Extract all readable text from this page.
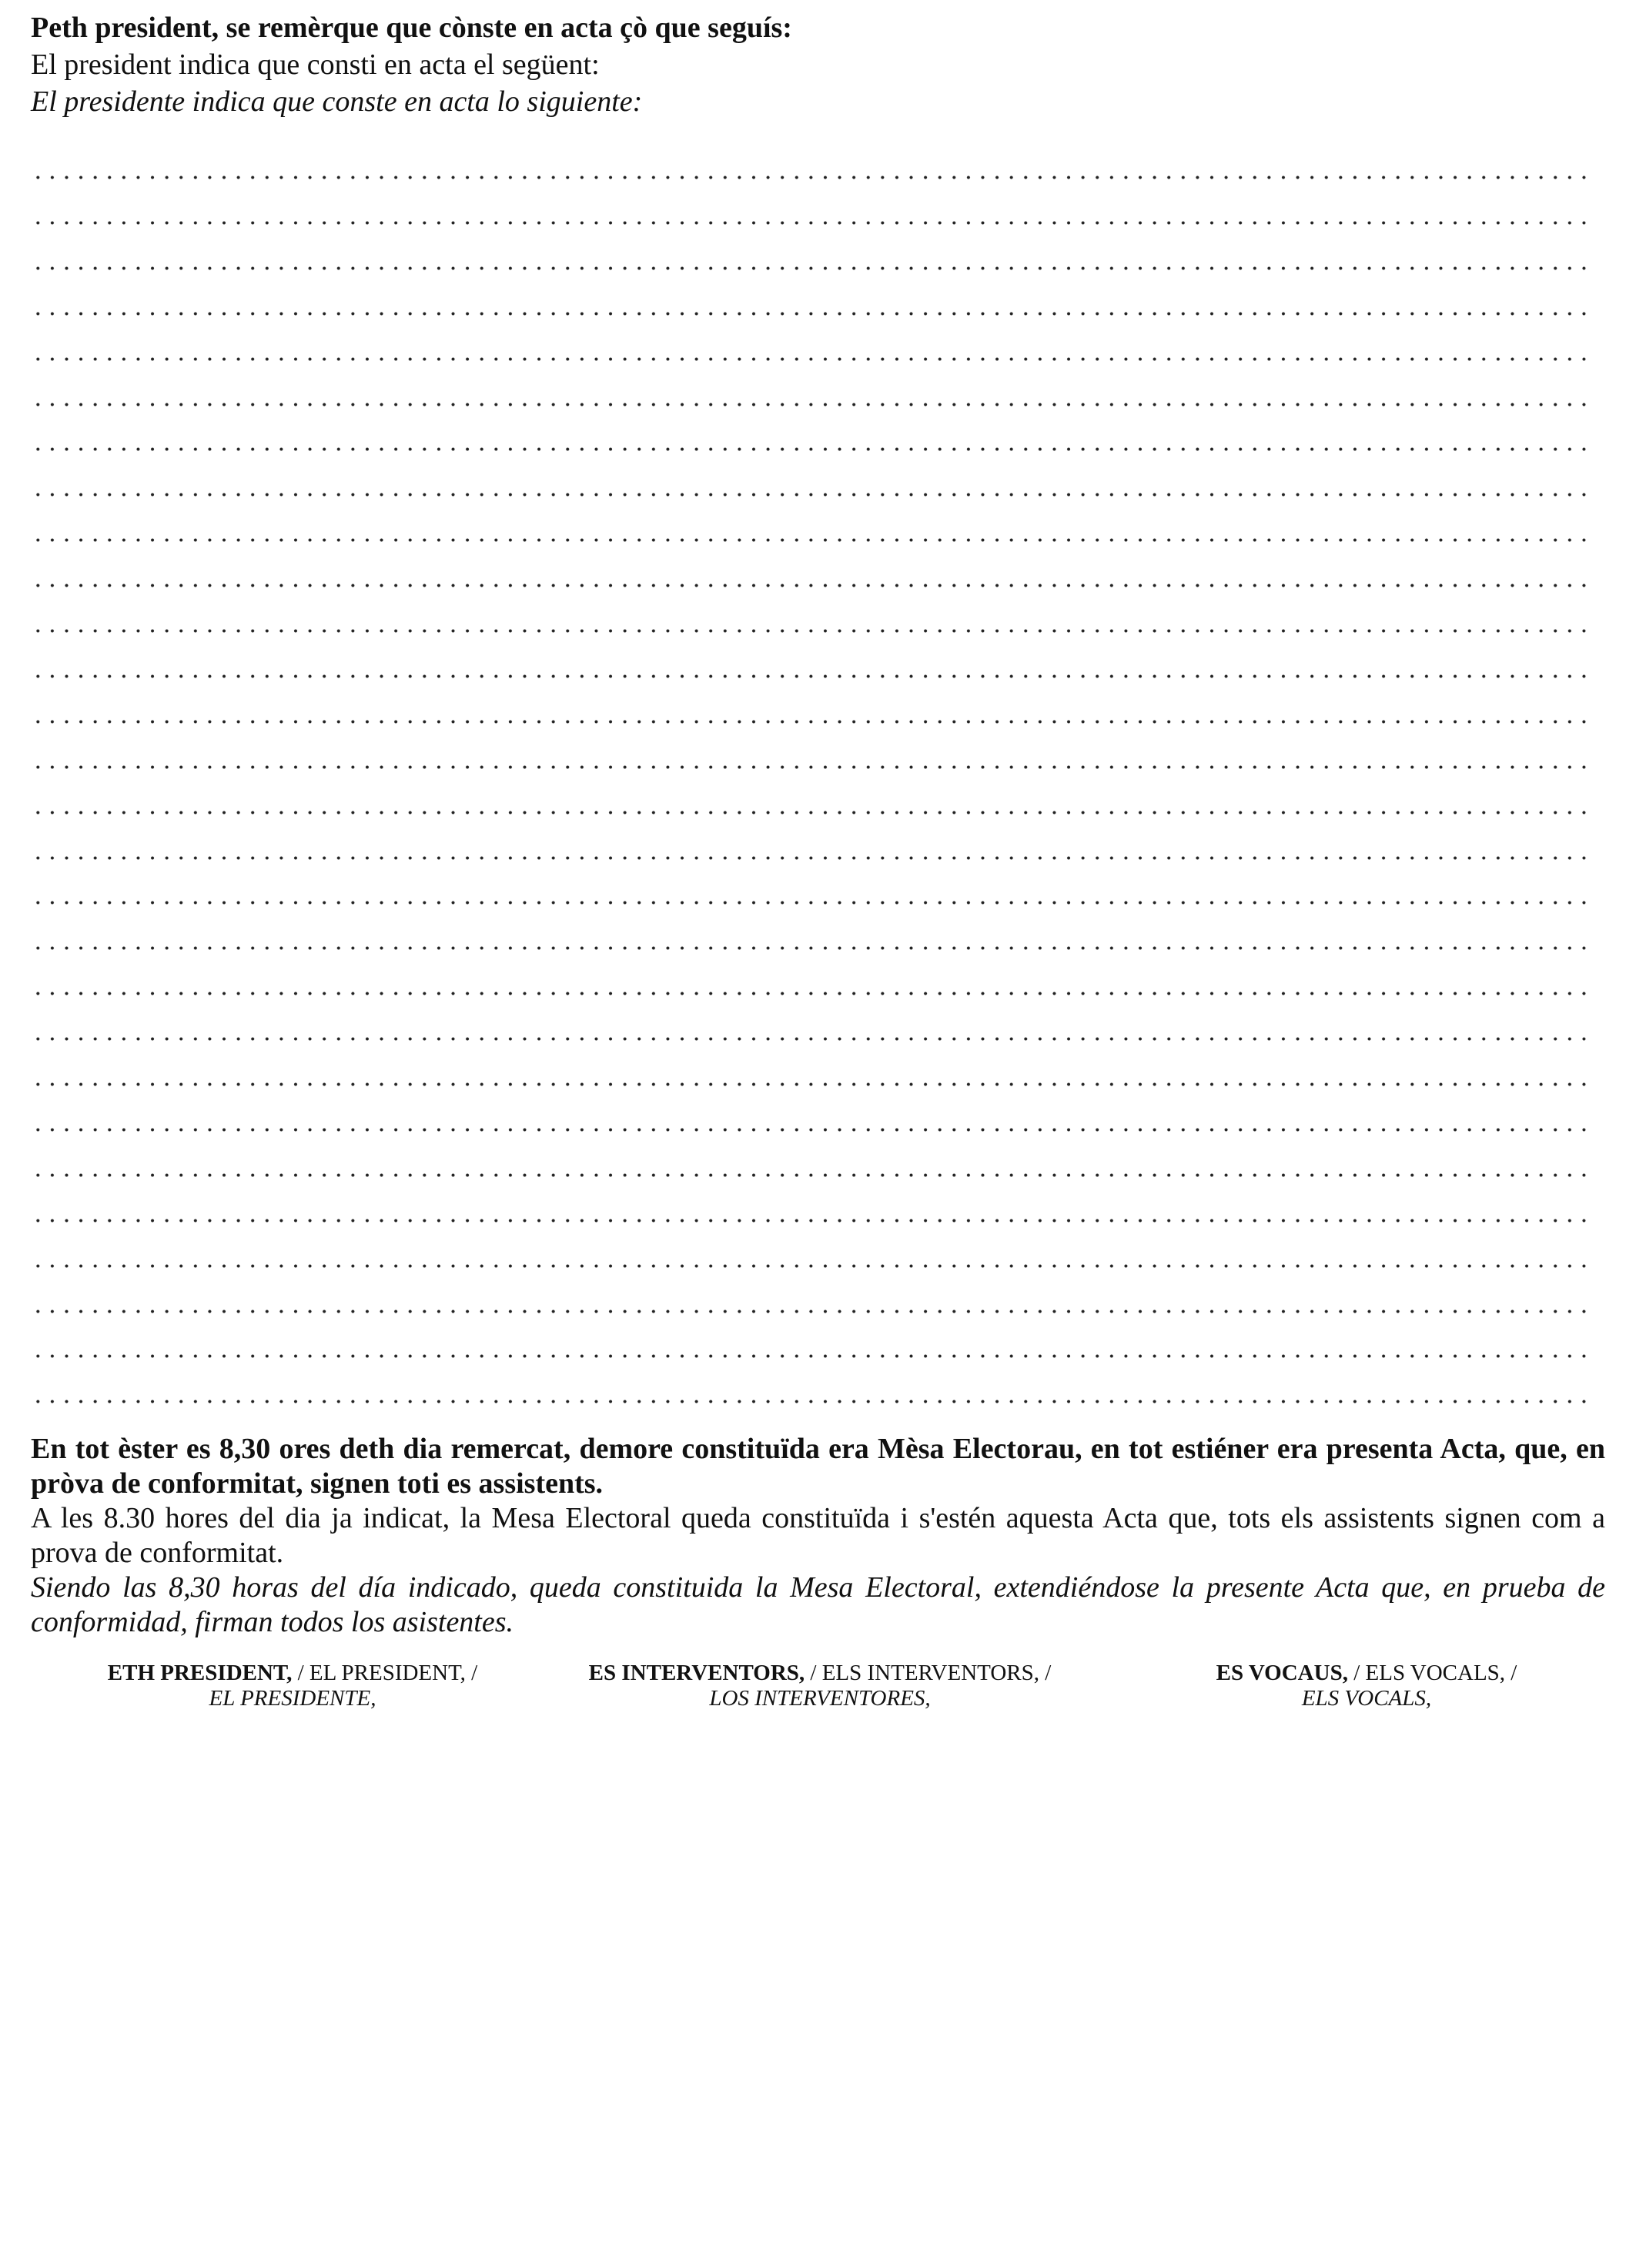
Peth president, se remèrque que cònste en acta çò que seguís:
El president indica que consti en acta el següent:
El presidente indica que conste en acta lo siguiente:

En tot èster es 8,30 ores deth dia remercat, demore constituïda era Mèsa Electorau, en tot estiéner era presenta Acta, que, en pròva de conformitat, signen toti es assistents.

A les 8.30 hores del dia ja indicat, la Mesa Electoral queda constituïda i s'estén aquesta Acta que, tots els assistents signen com a prova de conformitat.

Siendo las 8,30 horas del día indicado, queda constituida la Mesa Electoral, extendiéndose la presente Acta que, en prueba de conformidad, firman todos los asistentes.

ETH PRESIDENT, / EL PRESIDENT, /
EL PRESIDENTE,
ES INTERVENTORS, / ELS INTERVENTORS, /
LOS INTERVENTORES,
ES VOCAUS, / ELS VOCALS, /
ELS VOCALS,
